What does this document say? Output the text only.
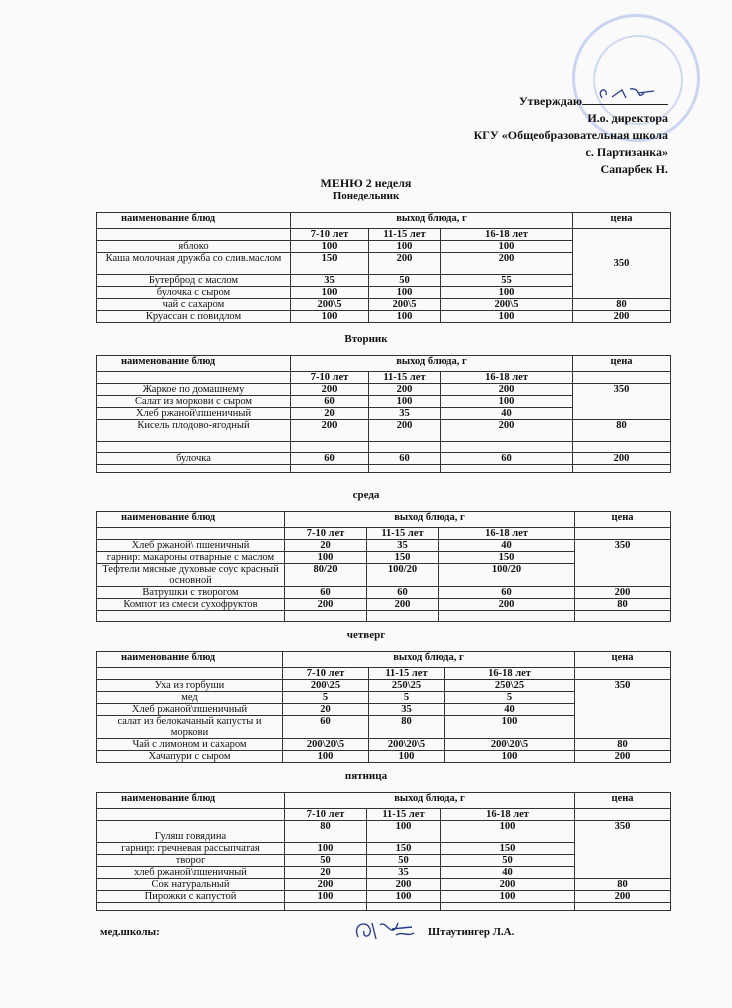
Утверждаю
И.о. директора
КГУ «Общеобразовательная школа
с. Партизанка»
Сапарбек Н.
МЕНЮ 2 неделя
Понедельник
наименование блюд	выход блюда, г			цена
	7-10 лет	11-15 лет	16-18 лет	350
яблоко	100	100	100	
Каша молочная дружба со слив.маслом	150	200	200	
Бутерброд с маслом	35	50	55	
булочка с сыром	100	100	100	
чай с сахаром	200\5	200\5	200\5	80
Круассан с повидлом	100	100	100	200
Вторник
наименование блюд	выход блюда, г			цена
	7-10 лет	11-15 лет	16-18 лет	
Жаркое по домашнему	200	200	200	350
Салат из моркови с сыром	60	100	100	
Хлеб ржаной\пшеничный	20	35	40	
Кисель плодово-ягодный	200	200	200	80

булочка	60	60	60	200

среда
наименование блюд	выход блюда, г			цена
	7-10 лет	11-15 лет	16-18 лет	
Хлеб ржаной\ пшеничный	20	35	40	350
гарнир: макароны отварные с маслом	100	150	150	
Тефтели мясные духовые соус красный основной	80/20	100/20	100/20	
Ватрушки с творогом	60	60	60	200
Компот из смеси сухофруктов	200	200	200	80

четверг
наименование блюд	выход блюда, г			цена
	7-10 лет	11-15 лет	16-18 лет	
Уха из горбуши	200\25	250\25	250\25	350
мед	5	5	5	
Хлеб ржаной\пшеничный	20	35	40	
салат из белокачаный капусты и моркови	60	80	100	
Чай с лимоном и сахаром	200\20\5	200\20\5	200\20\5	80
Хачапури с сыром	100	100	100	200
пятница
наименование блюд	выход блюда, г			цена
	7-10 лет	11-15 лет	16-18 лет	
Гуляш говядина	80	100	100	350
гарнир: гречневая рассыпчатая	100	150	150	
творог	50	50	50	
хлеб ржаной\пшеничный	20	35	40	
Сок натуральный	200	200	200	80
Пирожки с капустой	100	100	100	200

мед.школы:	Штаутингер Л.А.
